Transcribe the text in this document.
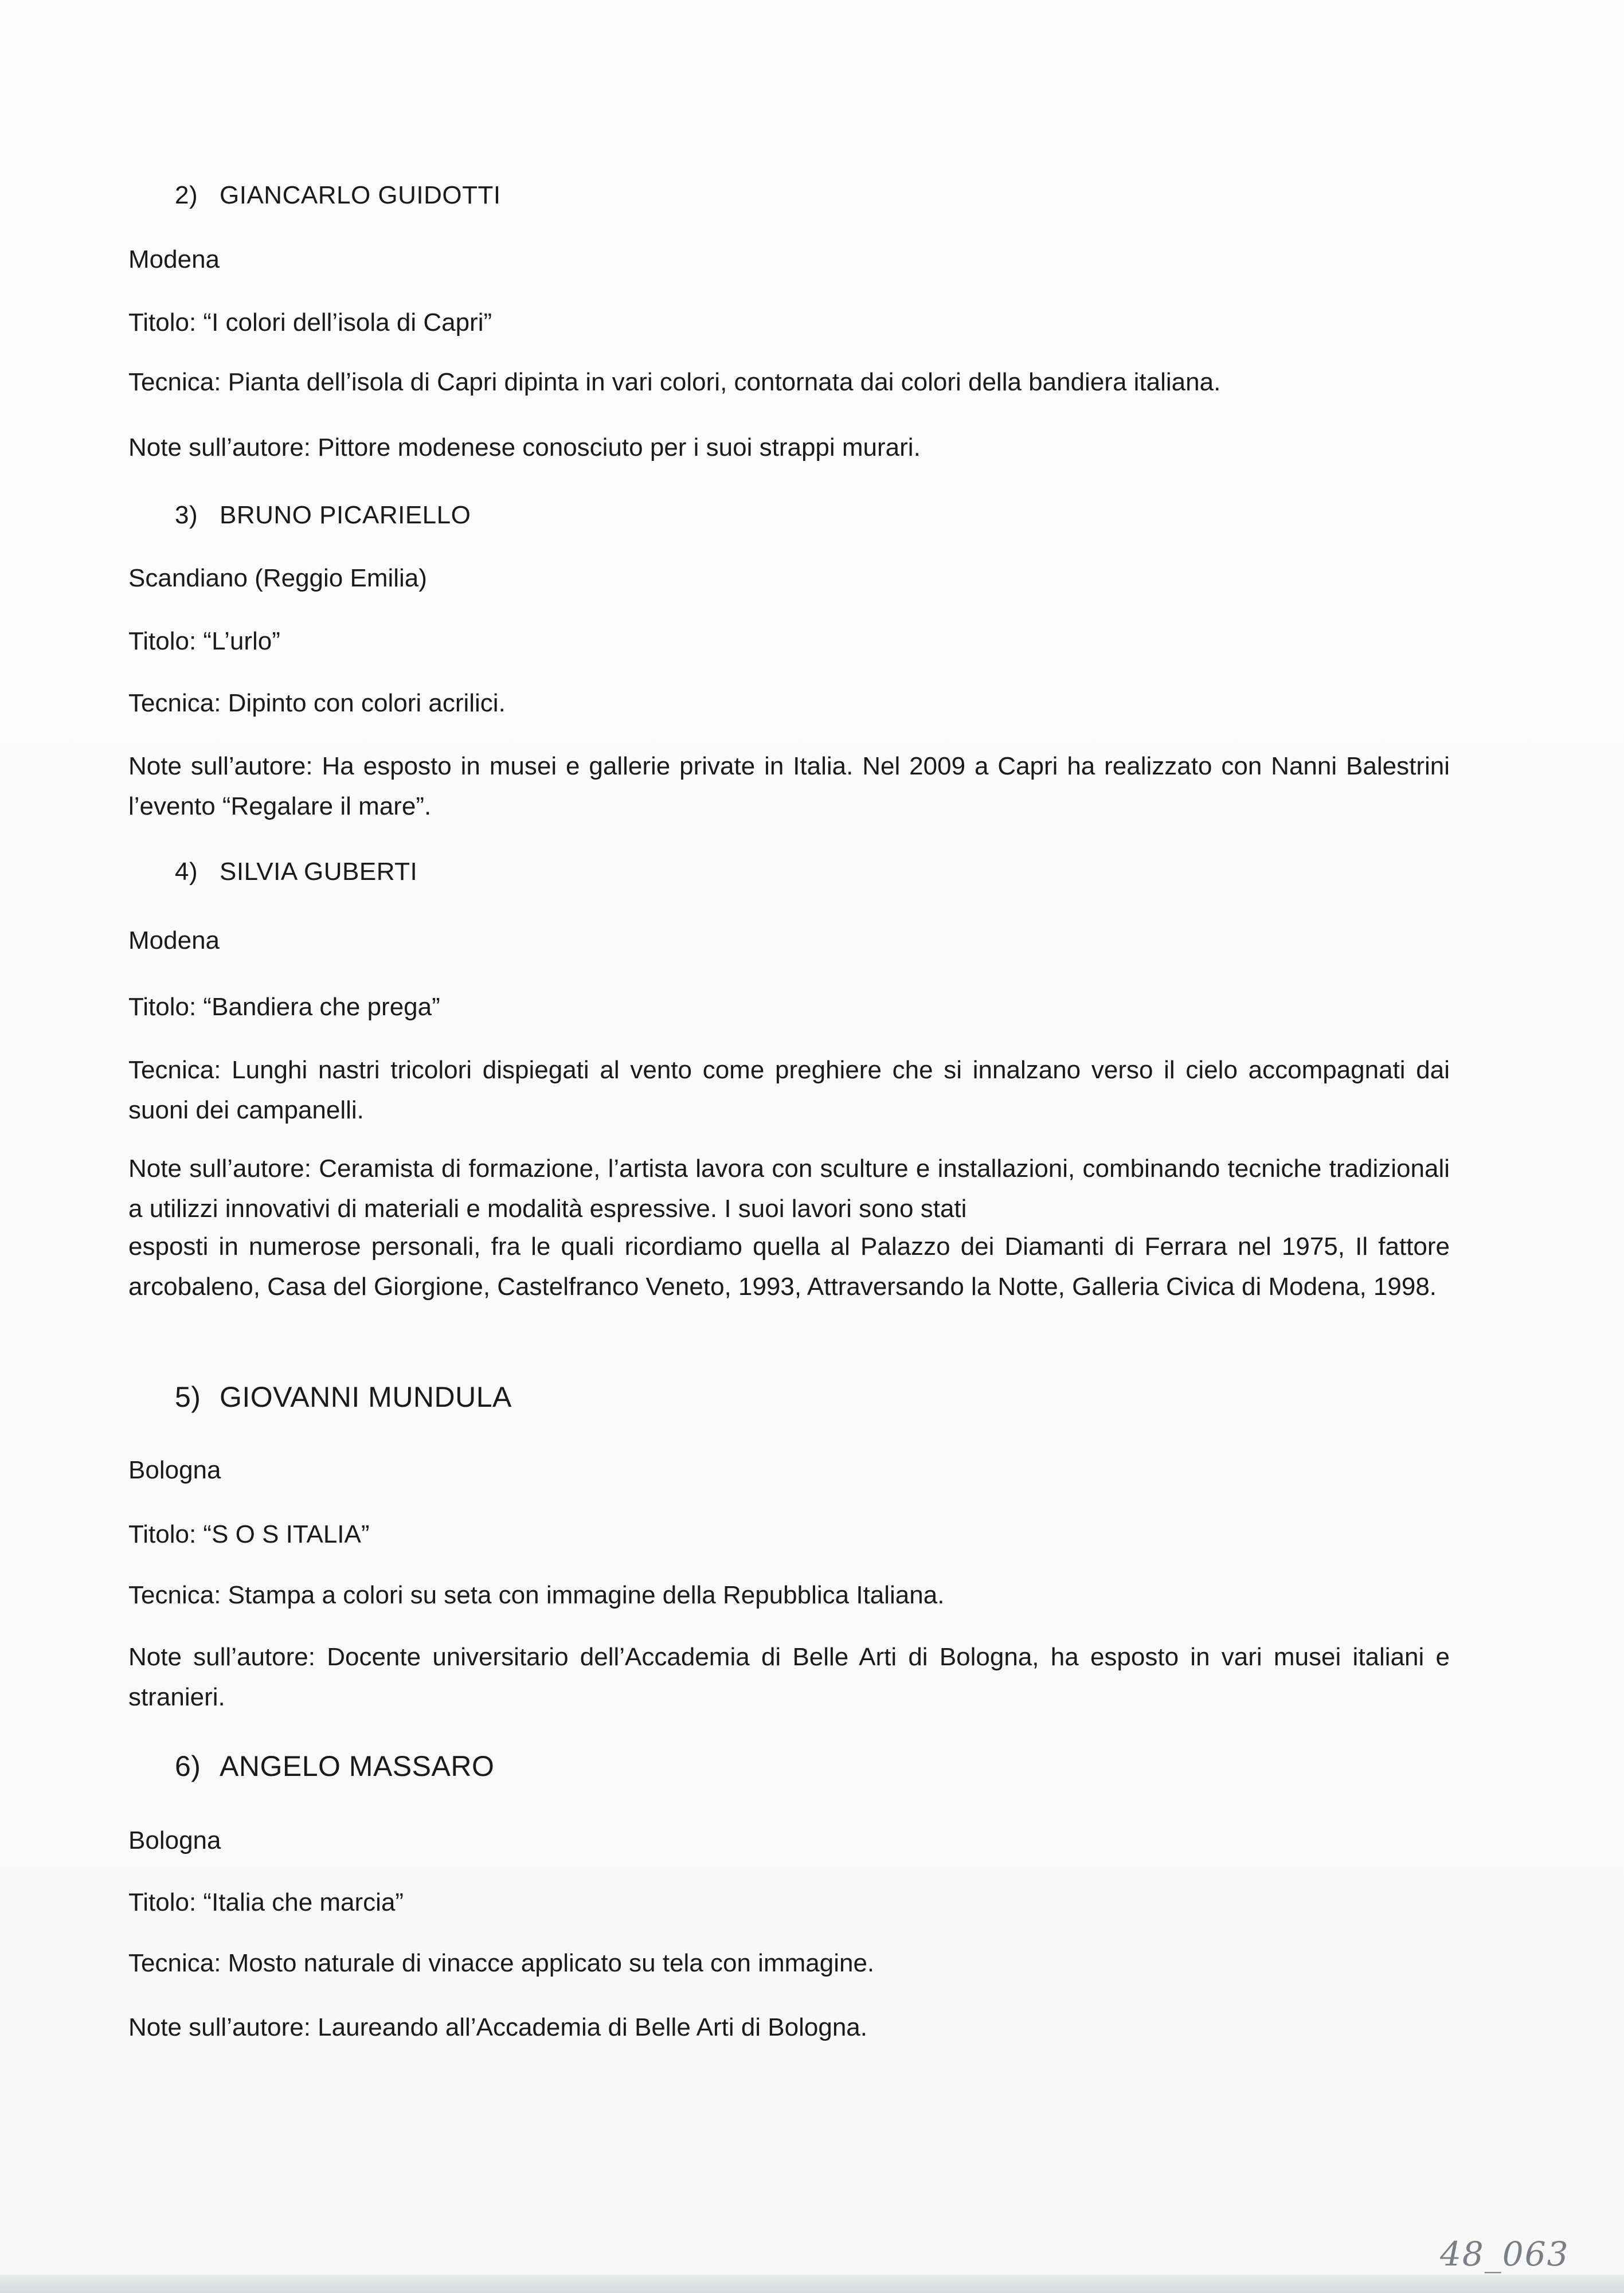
2) GIANCARLO GUIDOTTI
Modena
Titolo: “I colori dell’isola di Capri”
Tecnica: Pianta dell’isola di Capri dipinta in vari colori, contornata dai colori della bandiera italiana.
Note sull’autore: Pittore modenese conosciuto per i suoi strappi murari.
3) BRUNO PICARIELLO
Scandiano (Reggio Emilia)
Titolo: “L’urlo”
Tecnica: Dipinto con colori acrilici.
Note sull’autore: Ha esposto in musei e gallerie private in Italia. Nel 2009 a Capri ha realizzato con Nanni Balestrini l’evento “Regalare il mare”.
4) SILVIA GUBERTI
Modena
Titolo: “Bandiera che prega”
Tecnica: Lunghi nastri tricolori dispiegati al vento come preghiere che si innalzano verso il cielo accompagnati dai suoni dei campanelli.
Note sull’autore: Ceramista di formazione, l’artista lavora con sculture e installazioni, combinando tecniche tradizionali a utilizzi innovativi di materiali e modalità espressive. I suoi lavori sono stati
esposti in numerose personali, fra le quali ricordiamo quella al Palazzo dei Diamanti di Ferrara nel 1975, Il fattore arcobaleno, Casa del Giorgione, Castelfranco Veneto, 1993, Attraversando la Notte, Galleria Civica di Modena, 1998.
5) GIOVANNI MUNDULA
Bologna
Titolo: “S O S ITALIA”
Tecnica: Stampa a colori su seta con immagine della Repubblica Italiana.
Note sull’autore: Docente universitario dell’Accademia di Belle Arti di Bologna, ha esposto in vari musei italiani e stranieri.
6) ANGELO MASSARO
Bologna
Titolo: “Italia che marcia”
Tecnica: Mosto naturale di vinacce applicato su tela con immagine.
Note sull’autore: Laureando all’Accademia di Belle Arti di Bologna.
48_063
